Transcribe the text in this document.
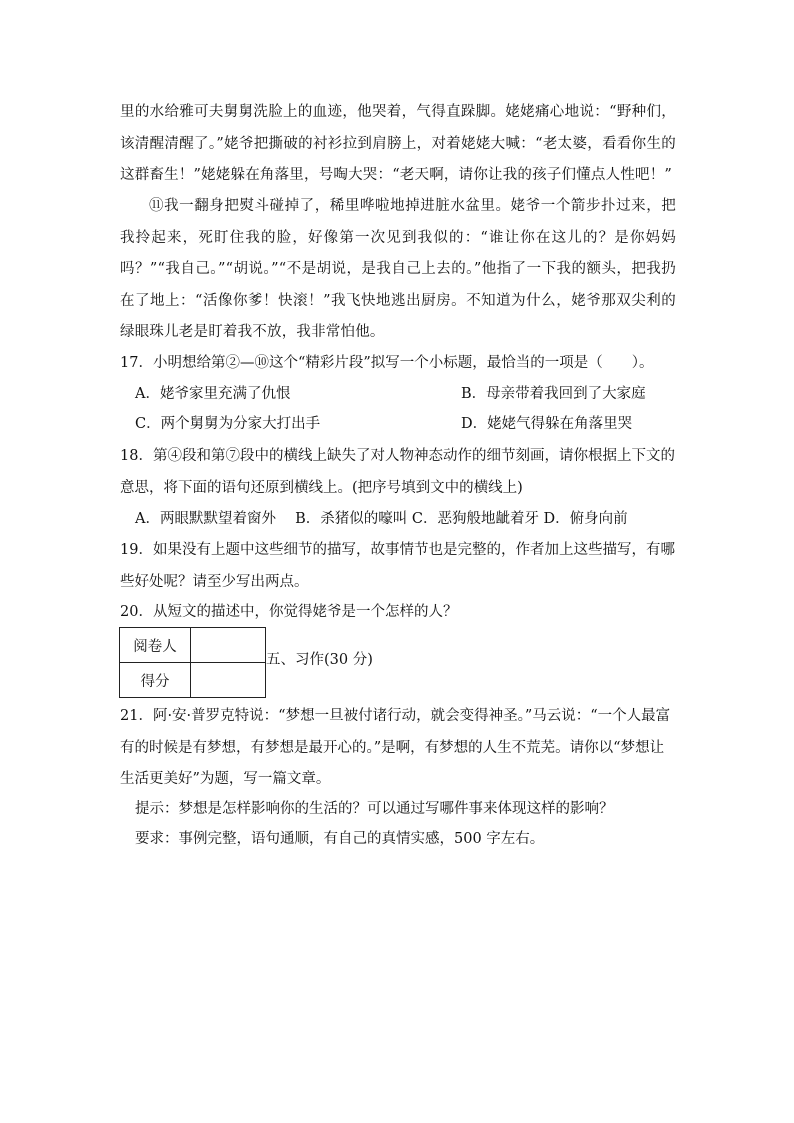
里的水给雅可夫舅舅洗脸上的血迹，他哭着，气得直跺脚。姥姥痛心地说：“野种们，该清醒清醒了。”姥爷把撕破的衬衫拉到肩膀上，对着姥姥大喊：“老太婆，看看你生的这群畜生！”姥姥躲在角落里，号啕大哭：“老天啊，请你让我的孩子们懂点人性吧！”

⑪我一翻身把熨斗碰掉了，稀里哗啦地掉进脏水盆里。姥爷一个箭步扑过来，把我拎起来，死盯住我的脸，好像第一次见到我似的：“谁让你在这儿的？是你妈妈吗？”“我自己。”“胡说。”“不是胡说，是我自己上去的。”他指了一下我的额头，把我扔在了地上：“活像你爹！快滚！”我飞快地逃出厨房。不知道为什么，姥爷那双尖利的绿眼珠儿老是盯着我不放，我非常怕他。

17．小明想给第②—⑩这个“精彩片段”拟写一个小标题，最恰当的一项是（　　）。

A．姥爷家里充满了仇恨	B．母亲带着我回到了大家庭
C．两个舅舅为分家大打出手	D．姥姥气得躲在角落里哭

18．第④段和第⑦段中的横线上缺失了对人物神态动作的细节刻画，请你根据上下文的意思，将下面的语句还原到横线上。(把序号填到文中的横线上)

A．两眼默默望着窗外　 B．杀猪似的嚎叫 C．恶狗般地龇着牙 D．俯身向前

19．如果没有上题中这些细节的描写，故事情节也是完整的，作者加上这些描写，有哪些好处呢？请至少写出两点。

20．从短文的描述中，你觉得姥爷是一个怎样的人？

阅卷人	
得分	
五、习作(30 分)

21．阿·安·普罗克特说：“梦想一旦被付诸行动，就会变得神圣。”马云说：“一个人最富有的时候是有梦想，有梦想是最开心的。”是啊，有梦想的人生不荒芜。请你以“梦想让生活更美好”为题，写一篇文章。

提示：梦想是怎样影响你的生活的？可以通过写哪件事来体现这样的影响？
要求：事例完整，语句通顺，有自己的真情实感，500 字左右。
